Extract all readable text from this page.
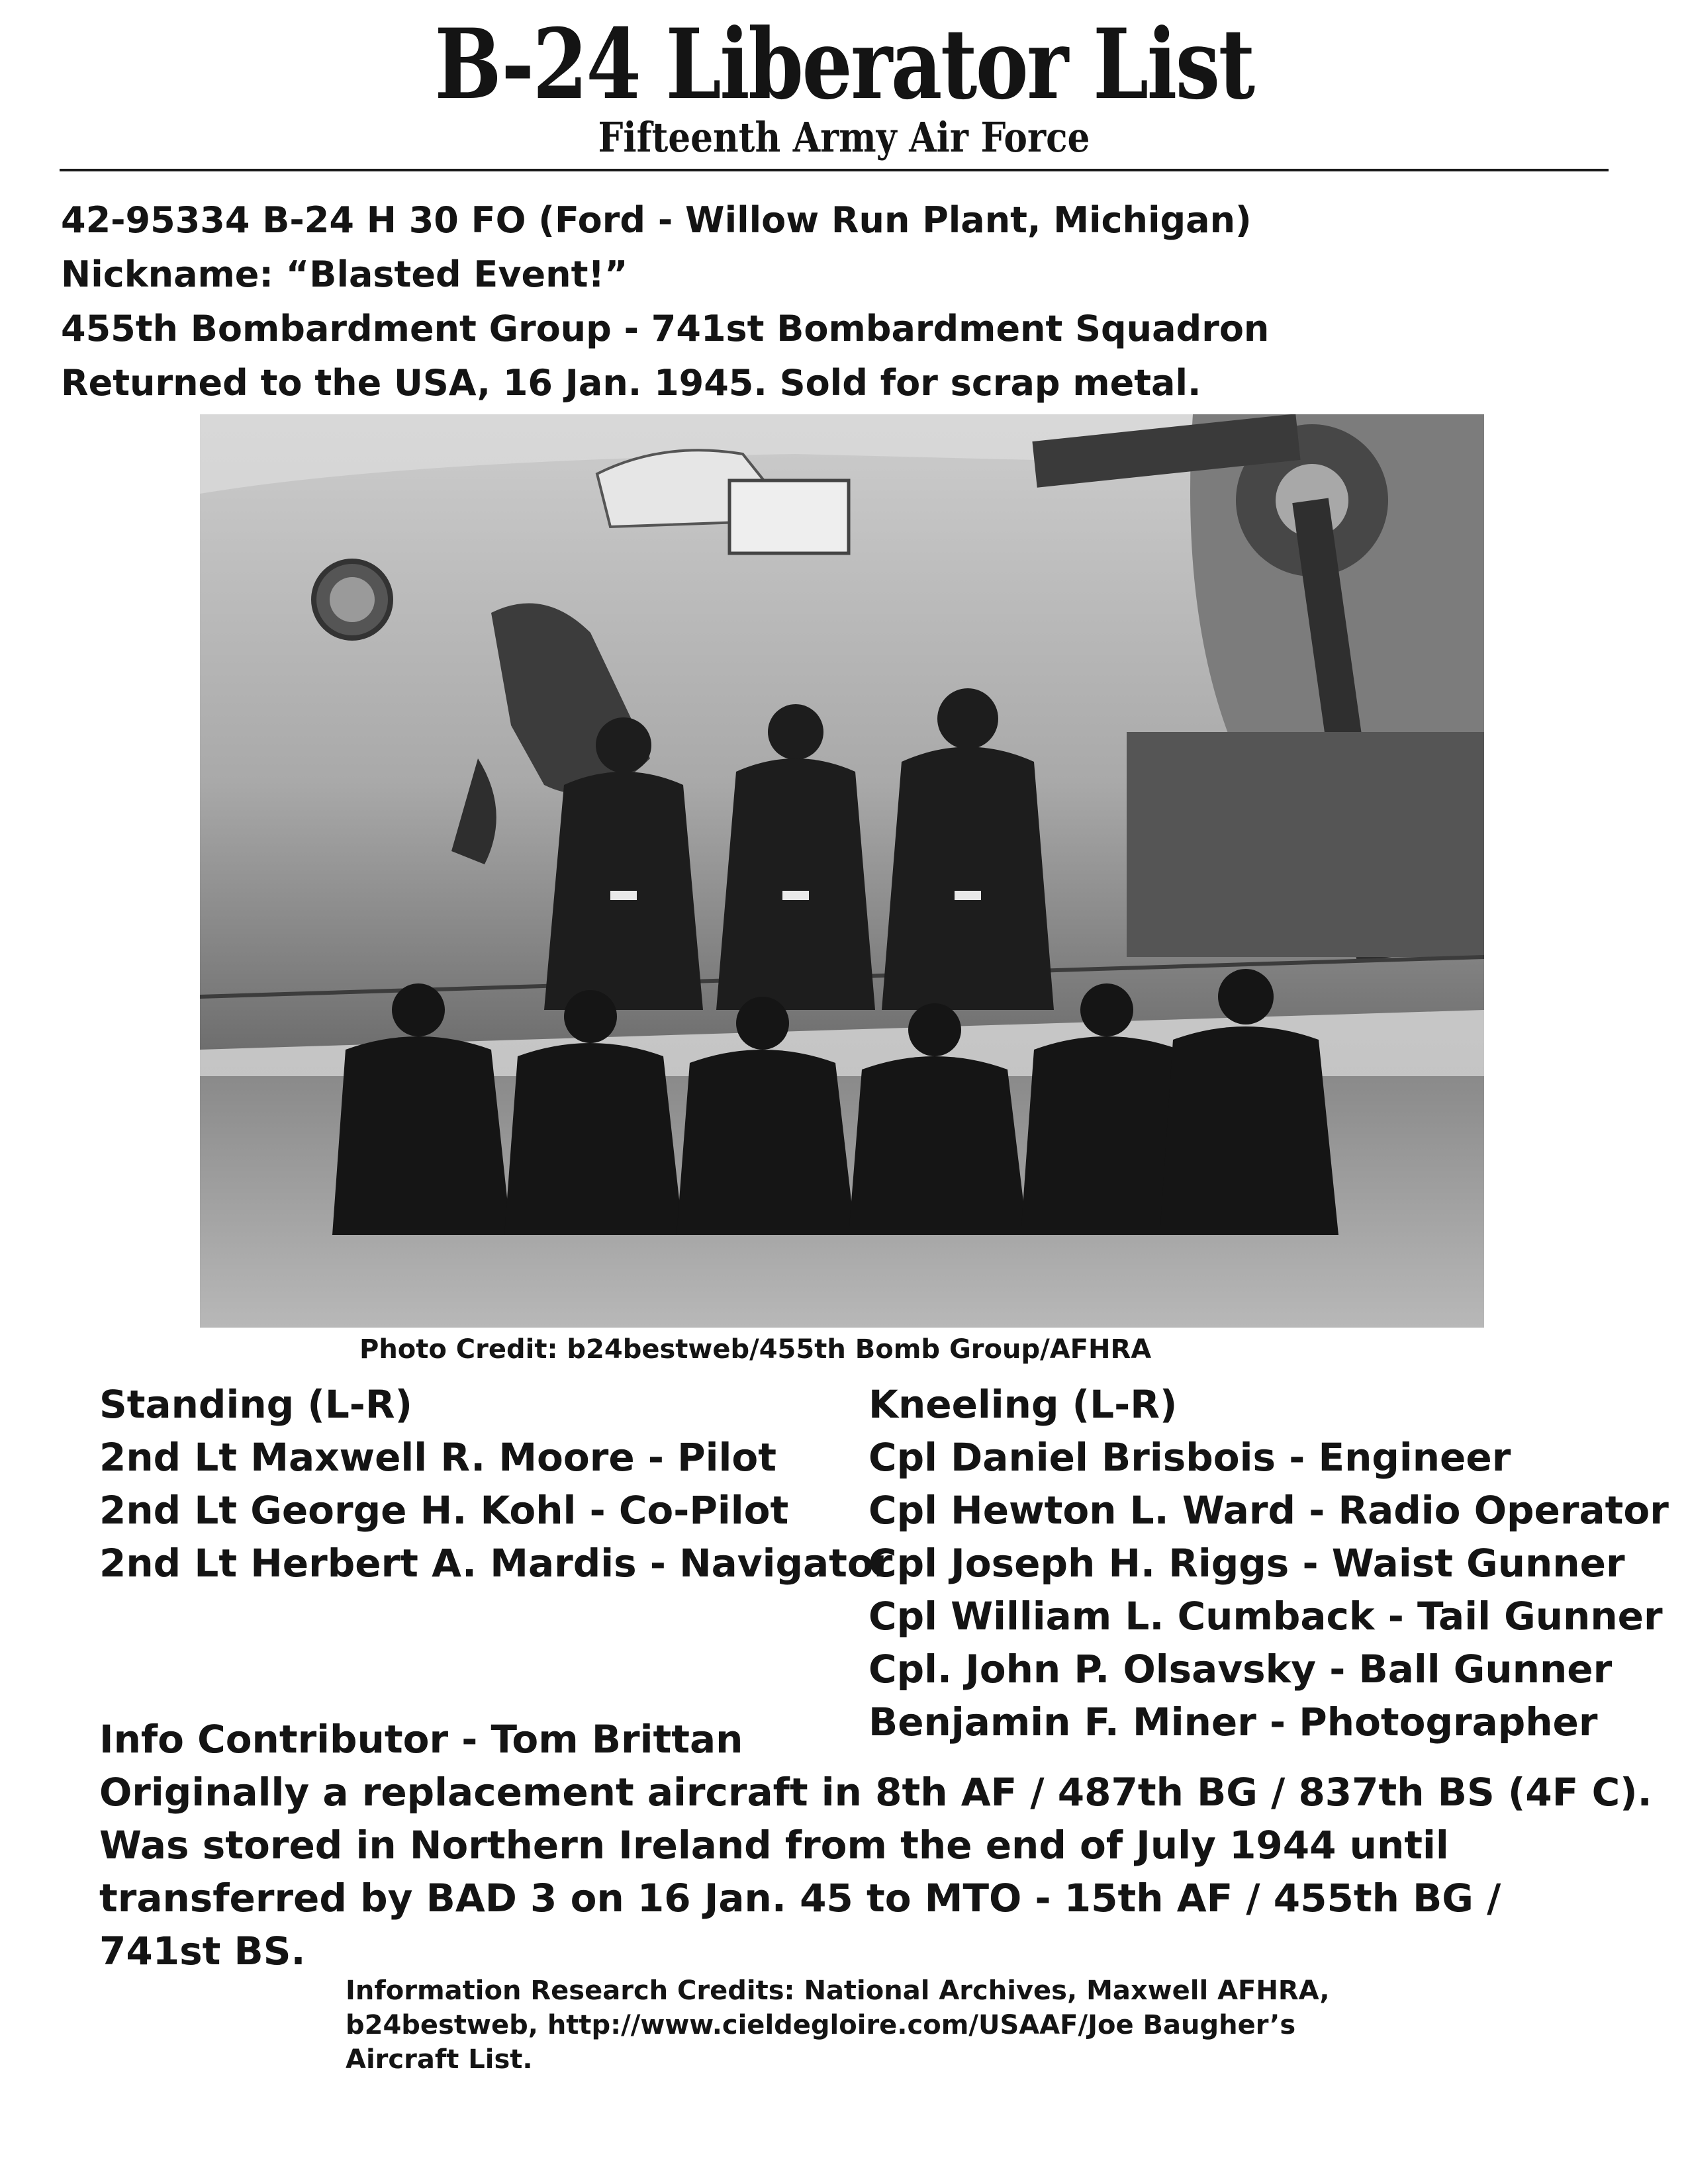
B-24 Liberator List
Fifteenth Army Air Force
42-95334 B-24 H 30 FO (Ford - Willow Run Plant, Michigan)
Nickname: “Blasted Event!”
455th Bombardment Group - 741st Bombardment Squadron
Returned to the USA, 16 Jan. 1945. Sold for scrap metal.
Photo Credit: b24bestweb/455th Bomb Group/AFHRA
Standing (L-R)
2nd Lt Maxwell R. Moore - Pilot
2nd Lt George H. Kohl - Co-Pilot
2nd Lt Herbert A. Mardis - Navigator
Kneeling (L-R)
Cpl Daniel Brisbois - Engineer
Cpl Hewton L. Ward - Radio Operator
Cpl Joseph H. Riggs - Waist Gunner
Cpl William L. Cumback - Tail Gunner
Cpl. John P. Olsavsky - Ball Gunner
Benjamin F. Miner - Photographer
Info Contributor - Tom Brittan
Originally a replacement aircraft in 8th AF / 487th BG / 837th BS (4F C).
Was stored in Northern Ireland from the end of July 1944 until
transferred by BAD 3 on 16 Jan. 45 to MTO - 15th AF / 455th BG /
741st BS.
Information Research Credits: National Archives, Maxwell AFHRA,
b24bestweb, http://www.cieldegloire.com/USAAF/Joe Baugher’s
Aircraft List.
